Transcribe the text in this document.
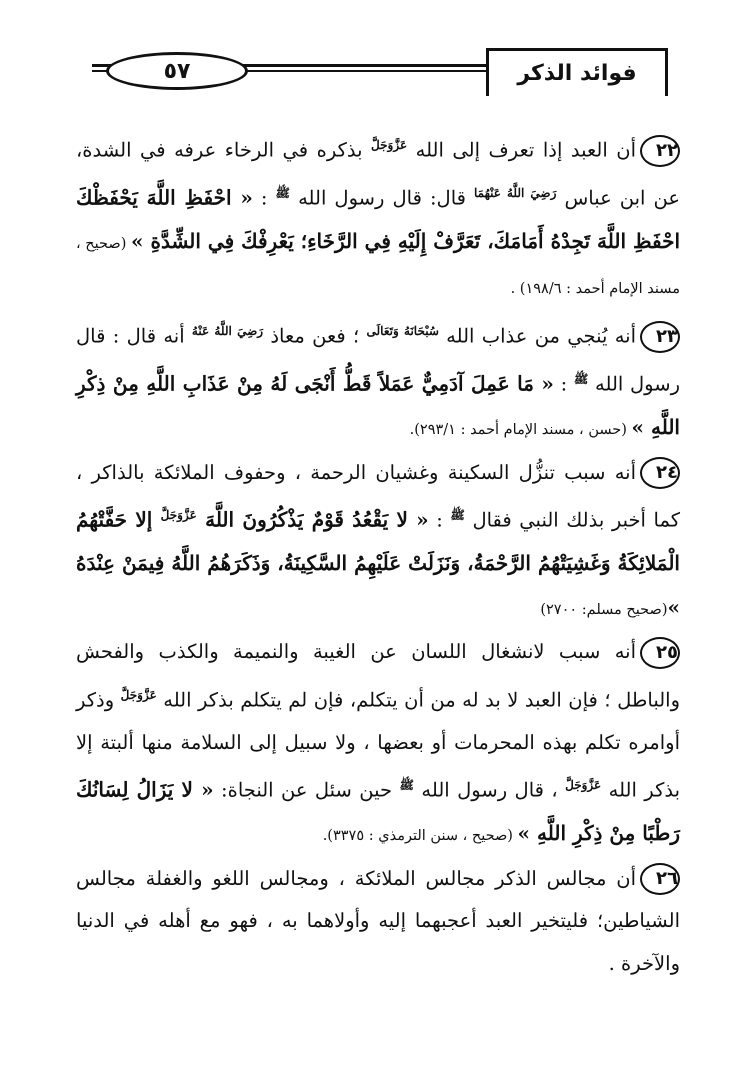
٥٧	فوائد الذكر

٢٢أن العبد إذا تعرف إلى الله $^{عَزَّوَجَلَّ}$ بذكره في الرخاء عرفه في الشدة، عن ابن عباس $^{رَضِيَ اللَّهُ عَنْهُمَا}$ قال: قال رسول الله $^ﷺ$ : « احْفَظِ اللَّهَ يَحْفَظْكَ احْفَظِ اللَّهَ تَجِدْهُ أَمَامَكَ، تَعَرَّفْ إِلَيْهِ فِي الرَّخَاءِ؛ يَعْرِفْكَ فِي الشِّدَّةِ » (صحيح ، مسند الإمام أحمد : ١٩٨/٦) .

٢٣أنه يُنجي من عذاب الله $^{سُبْحَانَهُ وَتَعَالَى}$ ؛ فعن معاذ $^{رَضِيَ اللَّهُ عَنْهُ}$ أنه قال : قال رسول الله $^ﷺ$ : « مَا عَمِلَ آدَمِيٌّ عَمَلاً قَطُّ أَنْجَى لَهُ مِنْ عَذَابِ اللَّهِ مِنْ ذِكْرِ اللَّهِ » (حسن ، مسند الإمام أحمد : ٢٩٣/١).

٢٤أنه سبب تنزُّل السكينة وغشيان الرحمة ، وحفوف الملائكة بالذاكر ، كما أخبر بذلك النبي فقال $^ﷺ$ : « لا يَقْعُدُ قَوْمٌ يَذْكُرُونَ اللَّهَ $^{عَزَّوَجَلَّ}$ إلا حَفَّتْهُمُ الْمَلائِكَةُ وَغَشِيَتْهُمُ الرَّحْمَةُ، وَنَزَلَتْ عَلَيْهِمُ السَّكِينَةُ، وَذَكَرَهُمُ اللَّهُ فِيمَنْ عِنْدَهُ »(صحيح مسلم: ٢٧٠٠)

٢٥أنه سبب لانشغال اللسان عن الغيبة والنميمة والكذب والفحش والباطل ؛ فإن العبد لا بد له من أن يتكلم، فإن لم يتكلم بذكر الله $^{عَزَّوَجَلَّ}$ وذكر أوامره تكلم بهذه المحرمات أو بعضها ، ولا سبيل إلى السلامة منها ألبتة إلا بذكر الله $^{عَزَّوَجَلَّ}$ ، قال رسول الله $^ﷺ$ حين سئل عن النجاة: « لا يَزَالُ لِسَانُكَ رَطْبًا مِنْ ذِكْرِ اللَّهِ » (صحيح ، سنن الترمذي : ٣٣٧٥).

٢٦أن مجالس الذكر مجالس الملائكة ، ومجالس اللغو والغفلة مجالس الشياطين؛ فليتخير العبد أعجبهما إليه وأولاهما به ، فهو مع أهله في الدنيا والآخرة .
